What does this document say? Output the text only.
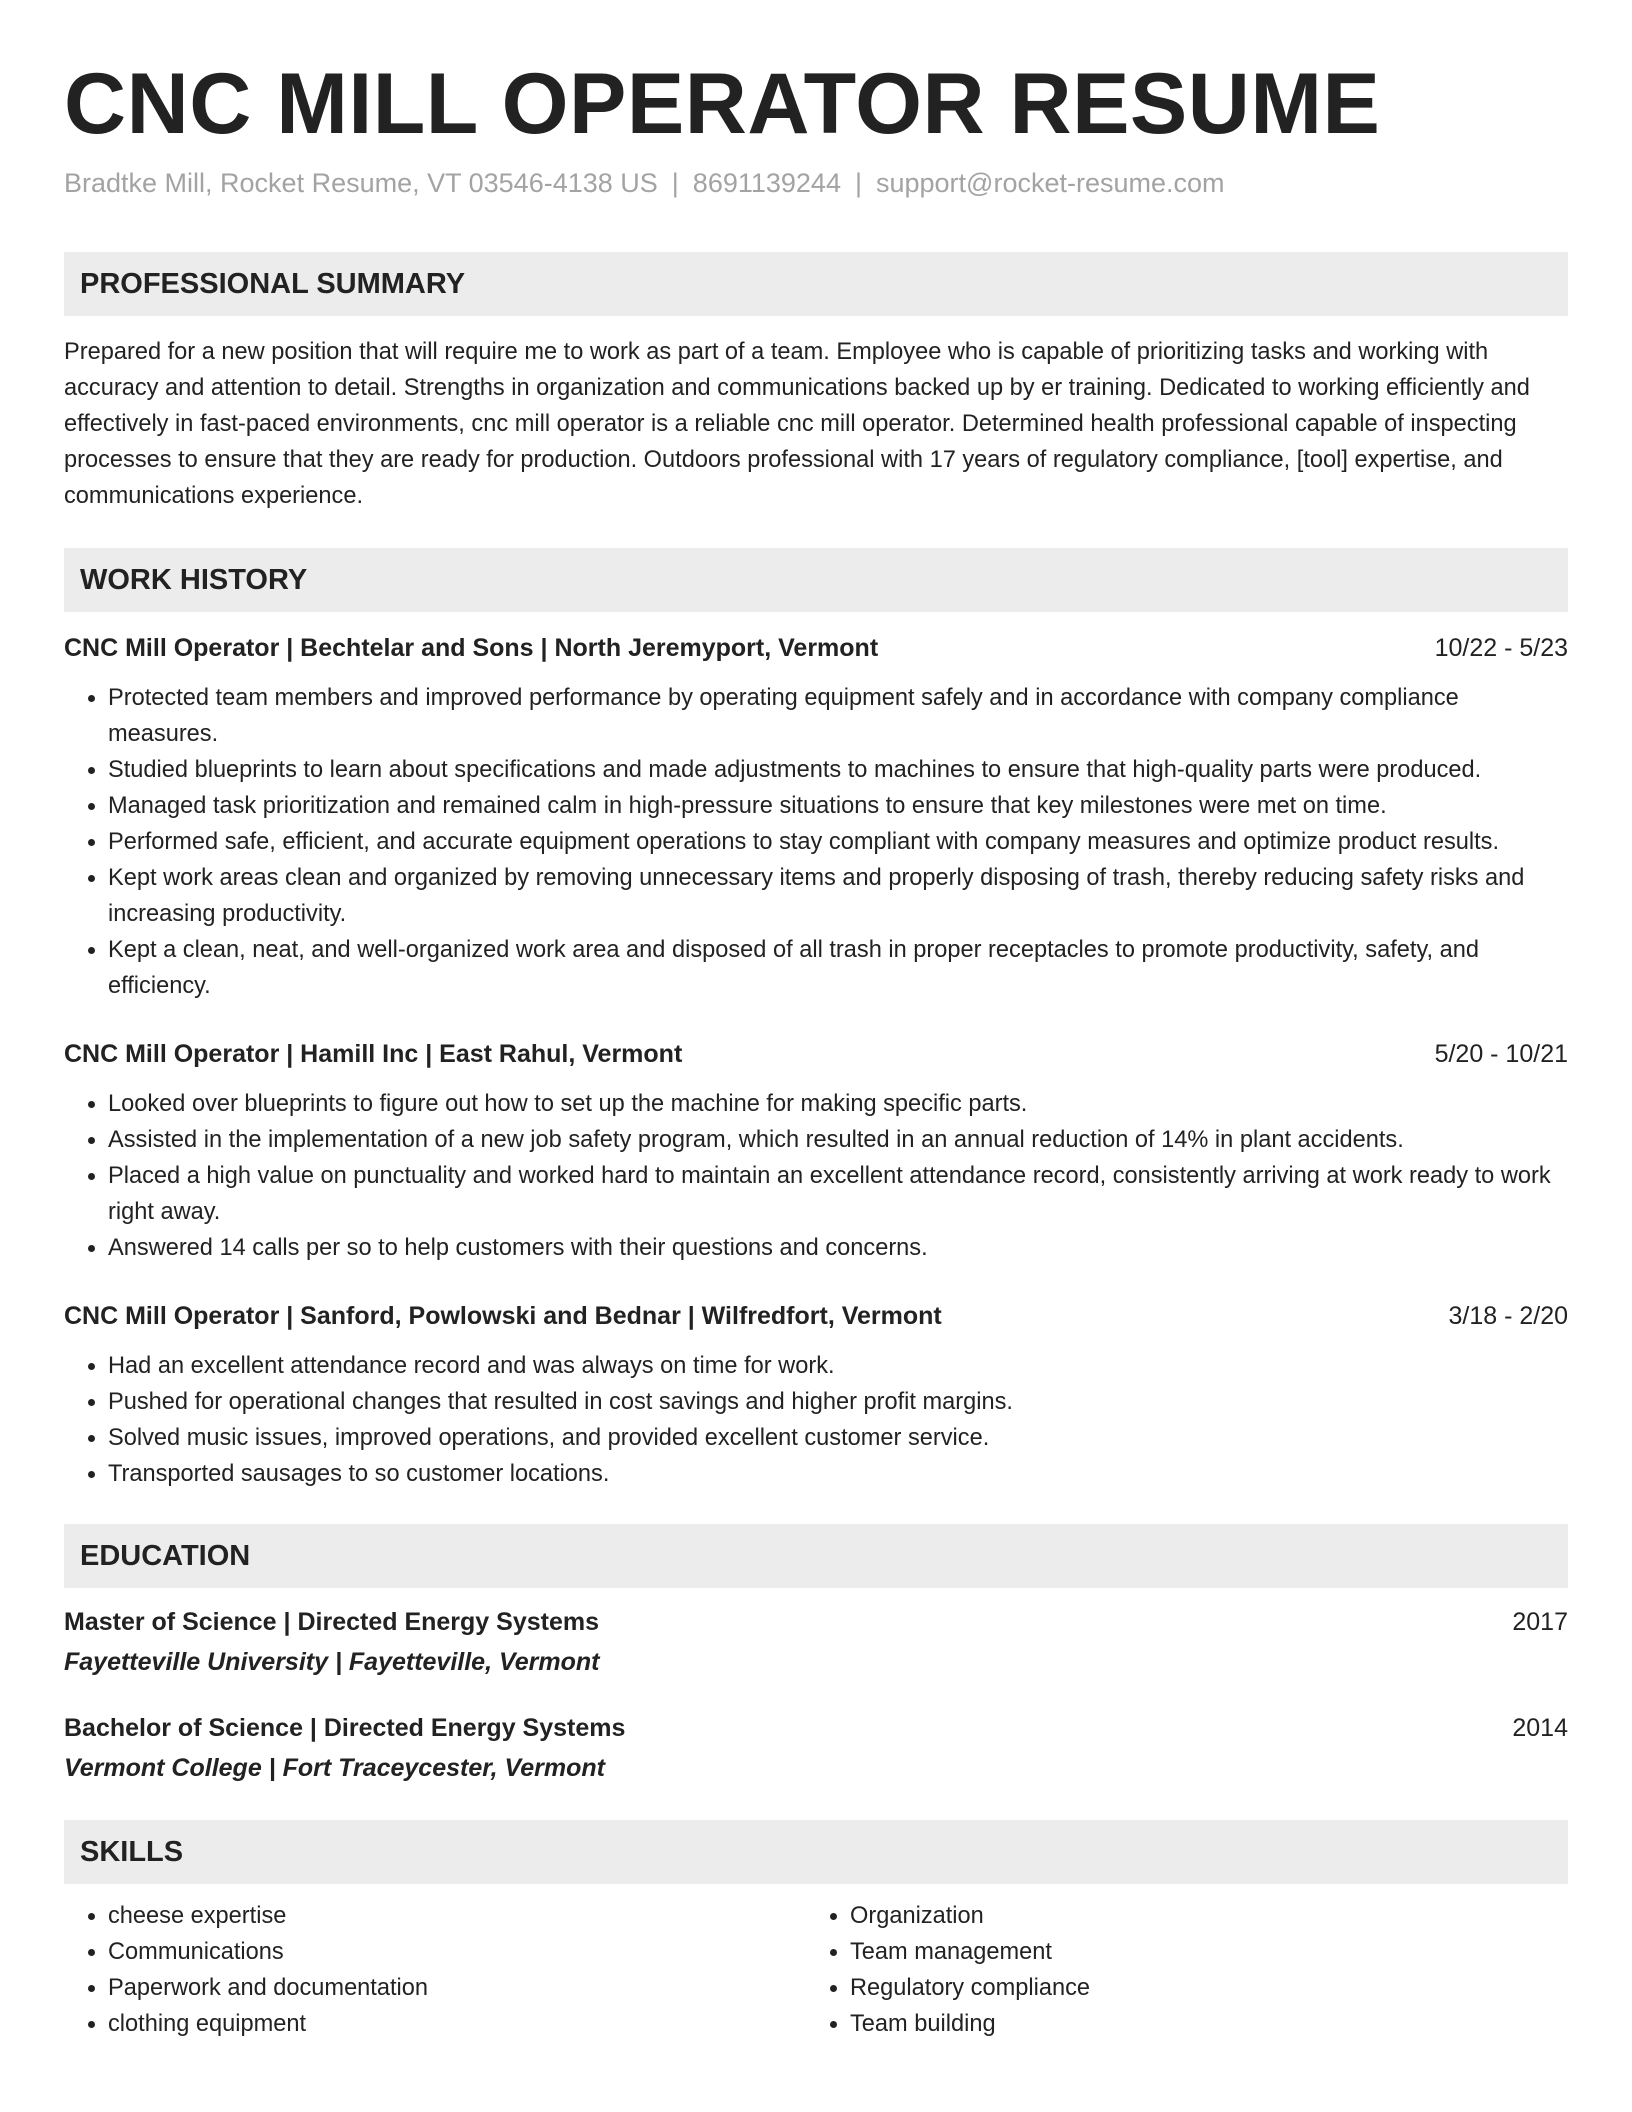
CNC MILL OPERATOR RESUME
Bradtke Mill, Rocket Resume, VT 03546-4138 US | 8691139244 | support@rocket-resume.com
PROFESSIONAL SUMMARY
Prepared for a new position that will require me to work as part of a team. Employee who is capable of prioritizing tasks and working with accuracy and attention to detail. Strengths in organization and communications backed up by er training. Dedicated to working efficiently and effectively in fast-paced environments, cnc mill operator is a reliable cnc mill operator. Determined health professional capable of inspecting processes to ensure that they are ready for production. Outdoors professional with 17 years of regulatory compliance, [tool] expertise, and communications experience.
WORK HISTORY
CNC Mill Operator | Bechtelar and Sons | North Jeremyport, Vermont	10/22 - 5/23
• Protected team members and improved performance by operating equipment safely and in accordance with company compliance measures.
• Studied blueprints to learn about specifications and made adjustments to machines to ensure that high-quality parts were produced.
• Managed task prioritization and remained calm in high-pressure situations to ensure that key milestones were met on time.
• Performed safe, efficient, and accurate equipment operations to stay compliant with company measures and optimize product results.
• Kept work areas clean and organized by removing unnecessary items and properly disposing of trash, thereby reducing safety risks and increasing productivity.
• Kept a clean, neat, and well-organized work area and disposed of all trash in proper receptacles to promote productivity, safety, and efficiency.
CNC Mill Operator | Hamill Inc | East Rahul, Vermont	5/20 - 10/21
• Looked over blueprints to figure out how to set up the machine for making specific parts.
• Assisted in the implementation of a new job safety program, which resulted in an annual reduction of 14% in plant accidents.
• Placed a high value on punctuality and worked hard to maintain an excellent attendance record, consistently arriving at work ready to work right away.
• Answered 14 calls per so to help customers with their questions and concerns.
CNC Mill Operator | Sanford, Powlowski and Bednar | Wilfredfort, Vermont	3/18 - 2/20
• Had an excellent attendance record and was always on time for work.
• Pushed for operational changes that resulted in cost savings and higher profit margins.
• Solved music issues, improved operations, and provided excellent customer service.
• Transported sausages to so customer locations.
EDUCATION
Master of Science | Directed Energy Systems	2017
Fayetteville University | Fayetteville, Vermont
Bachelor of Science | Directed Energy Systems	2014
Vermont College | Fort Traceycester, Vermont
SKILLS
• cheese expertise
• Communications
• Paperwork and documentation
• clothing equipment
• Organization
• Team management
• Regulatory compliance
• Team building
